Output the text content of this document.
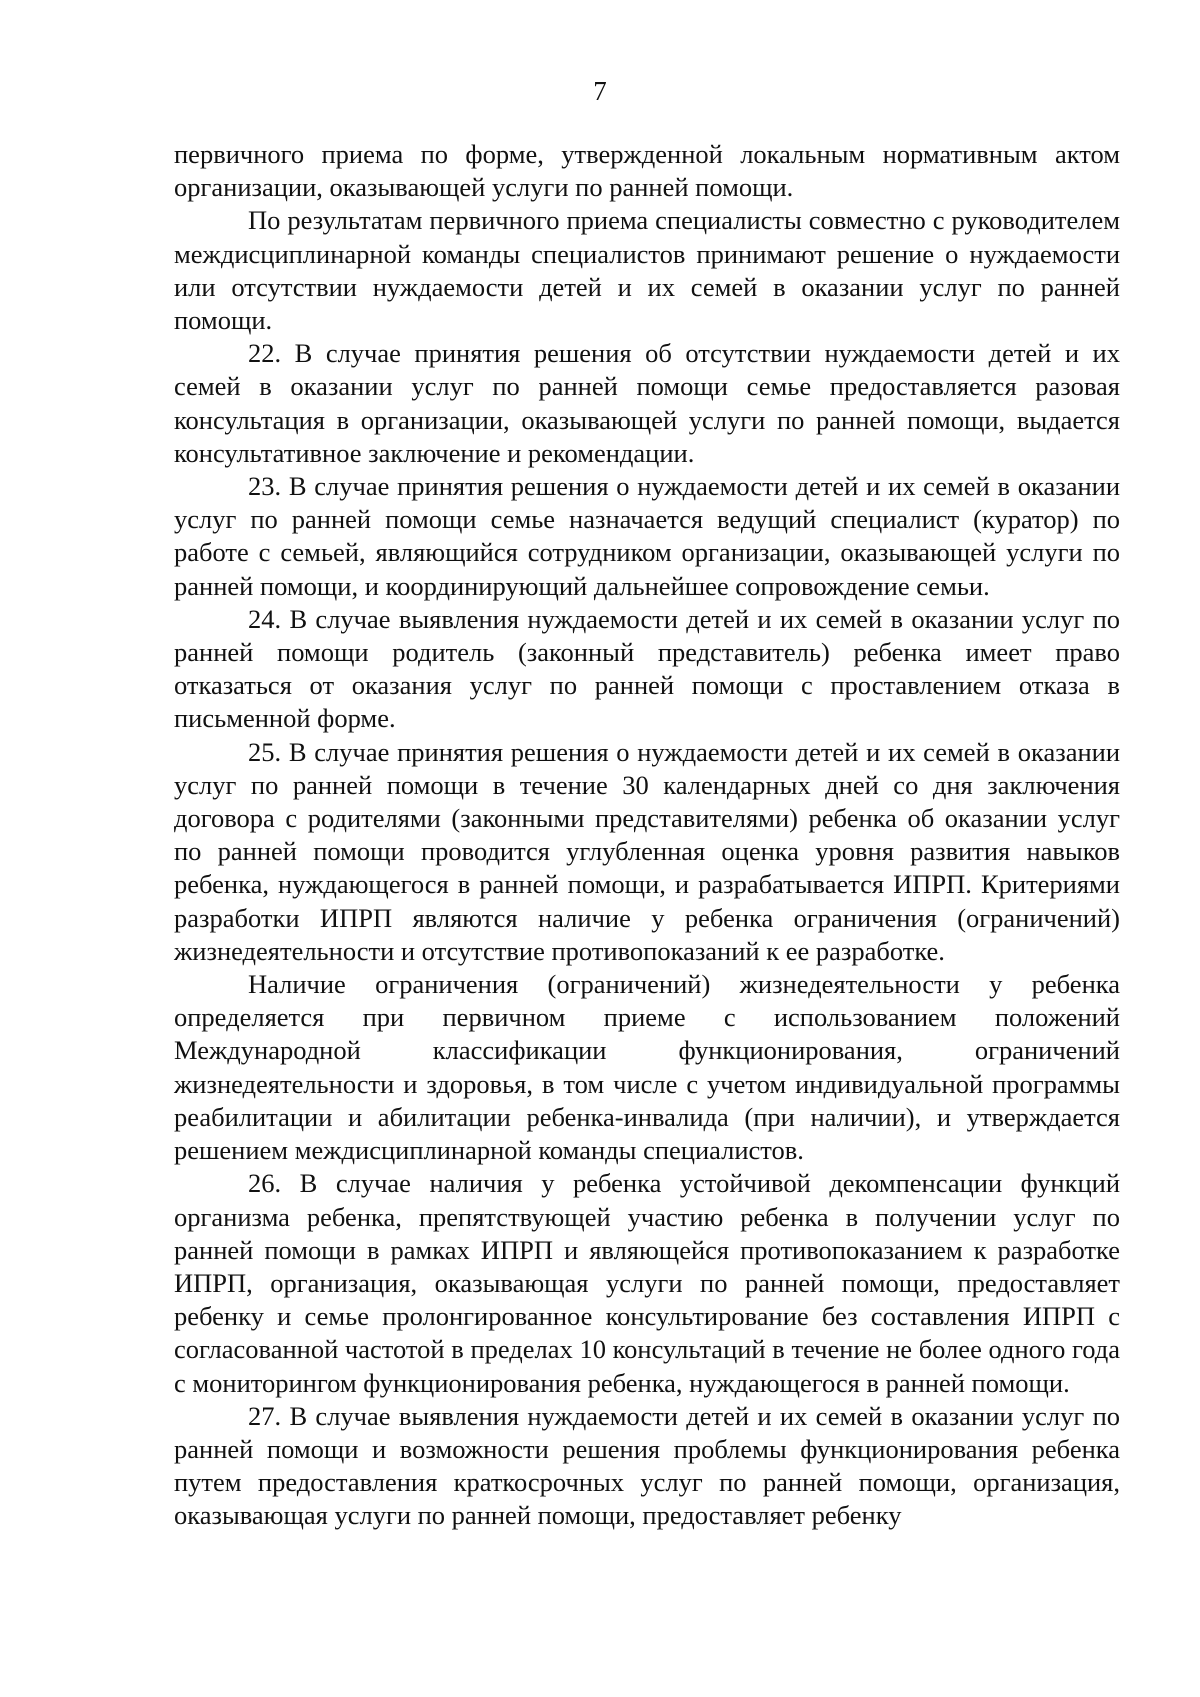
7

первичного приема по форме, утвержденной локальным нормативным актом организации, оказывающей услуги по ранней помощи.

По результатам первичного приема специалисты совместно с руководителем междисциплинарной команды специалистов принимают решение о нуждаемости или отсутствии нуждаемости детей и их семей в оказании услуг по ранней помощи.

22. В случае принятия решения об отсутствии нуждаемости детей и их семей в оказании услуг по ранней помощи семье предоставляется разовая консультация в организации, оказывающей услуги по ранней помощи, выдается консультативное заключение и рекомендации.

23. В случае принятия решения о нуждаемости детей и их семей в оказании услуг по ранней помощи семье назначается ведущий специалист (куратор) по работе с семьей, являющийся сотрудником организации, оказывающей услуги по ранней помощи, и координирующий дальнейшее сопровождение семьи.

24. В случае выявления нуждаемости детей и их семей в оказании услуг по ранней помощи родитель (законный представитель) ребенка имеет право отказаться от оказания услуг по ранней помощи с проставлением отказа в письменной форме.

25. В случае принятия решения о нуждаемости детей и их семей в оказании услуг по ранней помощи в течение 30 календарных дней со дня заключения договора с родителями (законными представителями) ребенка об оказании услуг по ранней помощи проводится углубленная оценка уровня развития навыков ребенка, нуждающегося в ранней помощи, и разрабатывается ИПРП. Критериями разработки ИПРП являются наличие у ребенка ограничения (ограничений) жизнедеятельности и отсутствие противопоказаний к ее разработке.

Наличие ограничения (ограничений) жизнедеятельности у ребенка определяется при первичном приеме с использованием положений Международной классификации функционирования, ограничений жизнедеятельности и здоровья, в том числе с учетом индивидуальной программы реабилитации и абилитации ребенка-инвалида (при наличии), и утверждается решением междисциплинарной команды специалистов.

26. В случае наличия у ребенка устойчивой декомпенсации функций организма ребенка, препятствующей участию ребенка в получении услуг по ранней помощи в рамках ИПРП и являющейся противопоказанием к разработке ИПРП, организация, оказывающая услуги по ранней помощи, предоставляет ребенку и семье пролонгированное консультирование без составления ИПРП с согласованной частотой в пределах 10 консультаций в течение не более одного года с мониторингом функционирования ребенка, нуждающегося в ранней помощи.

27. В случае выявления нуждаемости детей и их семей в оказании услуг по ранней помощи и возможности решения проблемы функционирования ребенка путем предоставления краткосрочных услуг по ранней помощи, организация, оказывающая услуги по ранней помощи, предоставляет ребенку
